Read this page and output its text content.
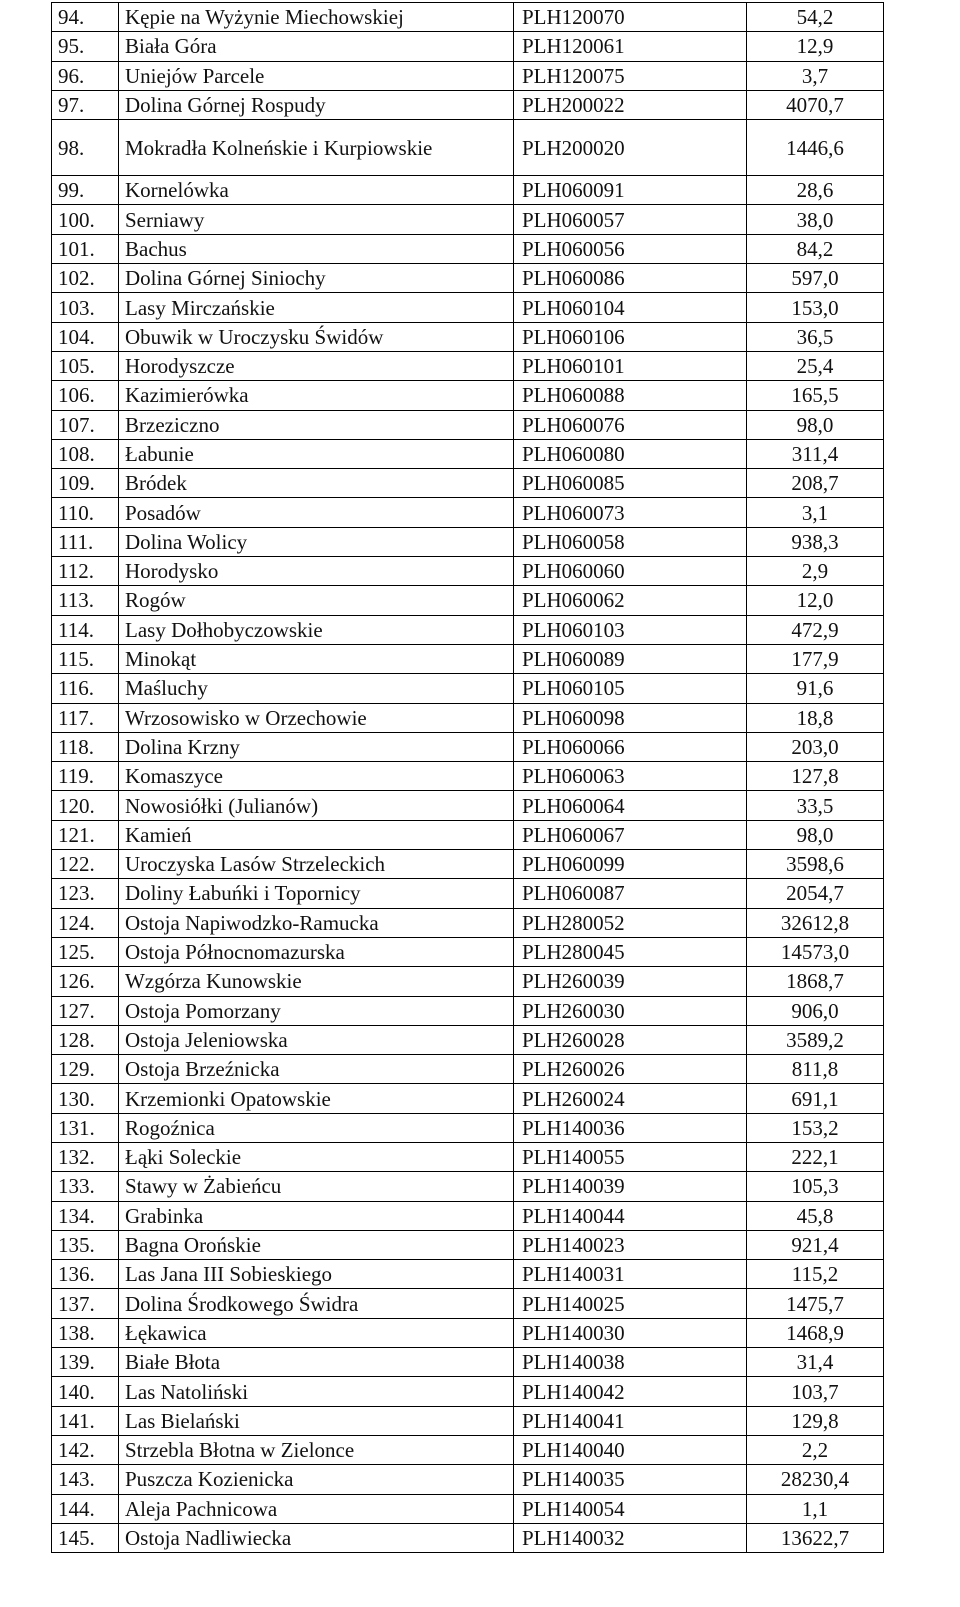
94.	Kępie na Wyżynie Miechowskiej	PLH120070	54,2
95.	Biała Góra	PLH120061	12,9
96.	Uniejów Parcele	PLH120075	3,7
97.	Dolina Górnej Rospudy	PLH200022	4070,7
98.	Mokradła Kolneńskie i Kurpiowskie	PLH200020	1446,6
99.	Kornelówka	PLH060091	28,6
100.	Serniawy	PLH060057	38,0
101.	Bachus	PLH060056	84,2
102.	Dolina Górnej Siniochy	PLH060086	597,0
103.	Lasy Mirczańskie	PLH060104	153,0
104.	Obuwik w Uroczysku Świdów	PLH060106	36,5
105.	Horodyszcze	PLH060101	25,4
106.	Kazimierówka	PLH060088	165,5
107.	Brzeziczno	PLH060076	98,0
108.	Łabunie	PLH060080	311,4
109.	Bródek	PLH060085	208,7
110.	Posadów	PLH060073	3,1
111.	Dolina Wolicy	PLH060058	938,3
112.	Horodysko	PLH060060	2,9
113.	Rogów	PLH060062	12,0
114.	Lasy Dołhobyczowskie	PLH060103	472,9
115.	Minokąt	PLH060089	177,9
116.	Maśluchy	PLH060105	91,6
117.	Wrzosowisko w Orzechowie	PLH060098	18,8
118.	Dolina Krzny	PLH060066	203,0
119.	Komaszyce	PLH060063	127,8
120.	Nowosiółki (Julianów)	PLH060064	33,5
121.	Kamień	PLH060067	98,0
122.	Uroczyska Lasów Strzeleckich	PLH060099	3598,6
123.	Doliny Łabuńki i Topornicy	PLH060087	2054,7
124.	Ostoja Napiwodzko-Ramucka	PLH280052	32612,8
125.	Ostoja Północnomazurska	PLH280045	14573,0
126.	Wzgórza Kunowskie	PLH260039	1868,7
127.	Ostoja Pomorzany	PLH260030	906,0
128.	Ostoja Jeleniowska	PLH260028	3589,2
129.	Ostoja Brzeźnicka	PLH260026	811,8
130.	Krzemionki Opatowskie	PLH260024	691,1
131.	Rogoźnica	PLH140036	153,2
132.	Łąki Soleckie	PLH140055	222,1
133.	Stawy w Żabieńcu	PLH140039	105,3
134.	Grabinka	PLH140044	45,8
135.	Bagna Orońskie	PLH140023	921,4
136.	Las Jana III Sobieskiego	PLH140031	115,2
137.	Dolina Środkowego Świdra	PLH140025	1475,7
138.	Łękawica	PLH140030	1468,9
139.	Białe Błota	PLH140038	31,4
140.	Las Natoliński	PLH140042	103,7
141.	Las Bielański	PLH140041	129,8
142.	Strzebla Błotna w Zielonce	PLH140040	2,2
143.	Puszcza Kozienicka	PLH140035	28230,4
144.	Aleja Pachnicowa	PLH140054	1,1
145.	Ostoja Nadliwiecka	PLH140032	13622,7
